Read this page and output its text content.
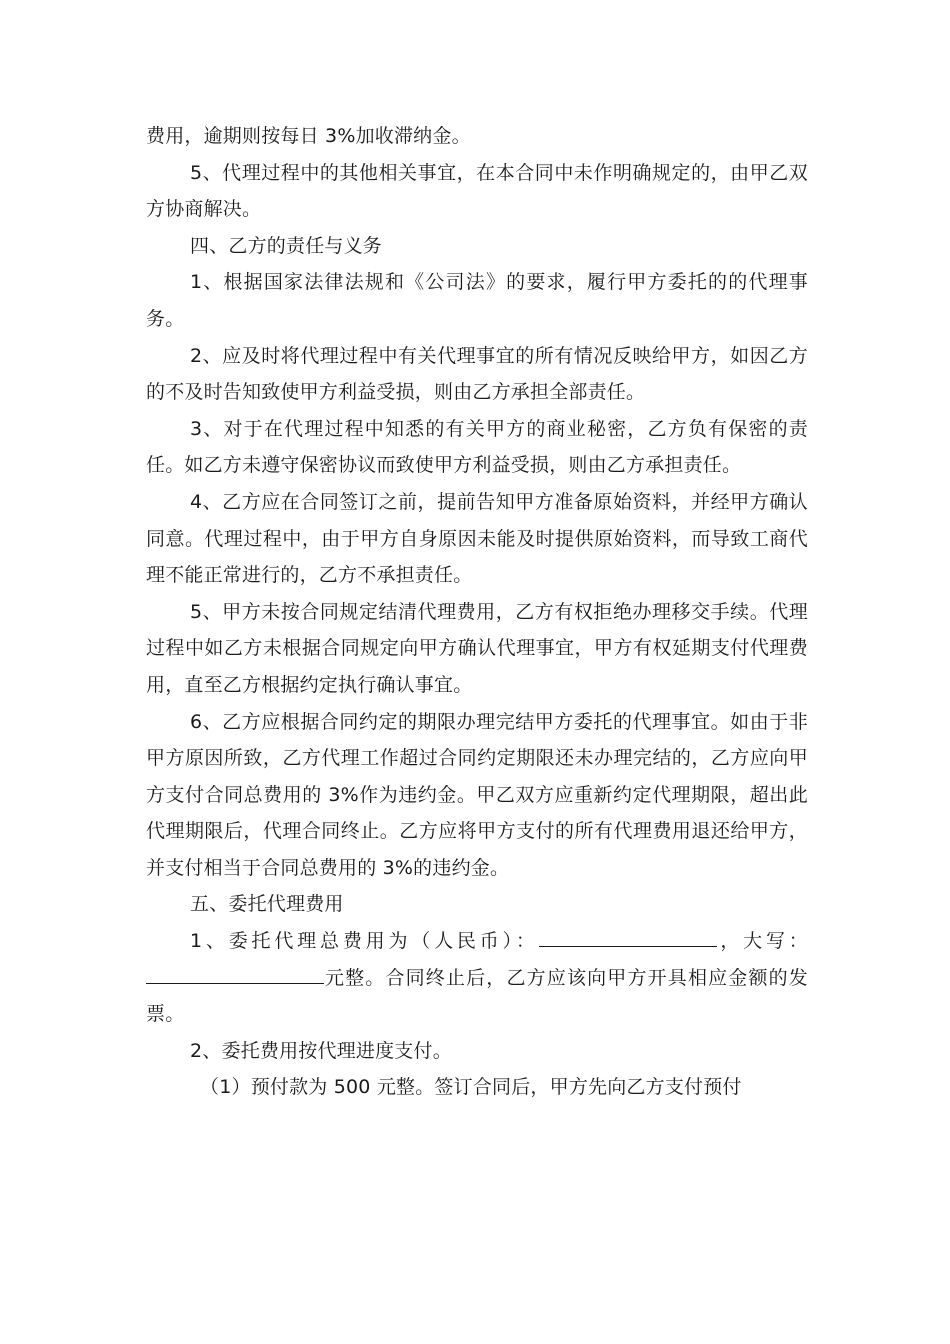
费用，逾期则按每日 3%加收滞纳金。

5、代理过程中的其他相关事宜，在本合同中未作明确规定的，由甲乙双方协商解决。

四、乙方的责任与义务

1、根据国家法律法规和《公司法》的要求，履行甲方委托的的代理事务。

2、应及时将代理过程中有关代理事宜的所有情况反映给甲方，如因乙方的不及时告知致使甲方利益受损，则由乙方承担全部责任。

3、对于在代理过程中知悉的有关甲方的商业秘密，乙方负有保密的责任。如乙方未遵守保密协议而致使甲方利益受损，则由乙方承担责任。

4、乙方应在合同签订之前，提前告知甲方准备原始资料，并经甲方确认同意。代理过程中，由于甲方自身原因未能及时提供原始资料，而导致工商代理不能正常进行的，乙方不承担责任。

5、甲方未按合同规定结清代理费用，乙方有权拒绝办理移交手续。代理过程中如乙方未根据合同规定向甲方确认代理事宜，甲方有权延期支付代理费用，直至乙方根据约定执行确认事宜。

6、乙方应根据合同约定的期限办理完结甲方委托的代理事宜。如由于非甲方原因所致，乙方代理工作超过合同约定期限还未办理完结的，乙方应向甲方支付合同总费用的 3%作为违约金。甲乙双方应重新约定代理期限，超出此代理期限后，代理合同终止。乙方应将甲方支付的所有代理费用退还给甲方，并支付相当于合同总费用的 3%的违约金。

五、委托代理费用

1、委托代理总费用为（人民币）：	，大写：元整。合同终止后，乙方应该向甲方开具相应金额的发票。

2、委托费用按代理进度支付。

（1）预付款为 500 元整。签订合同后，甲方先向乙方支付预付
